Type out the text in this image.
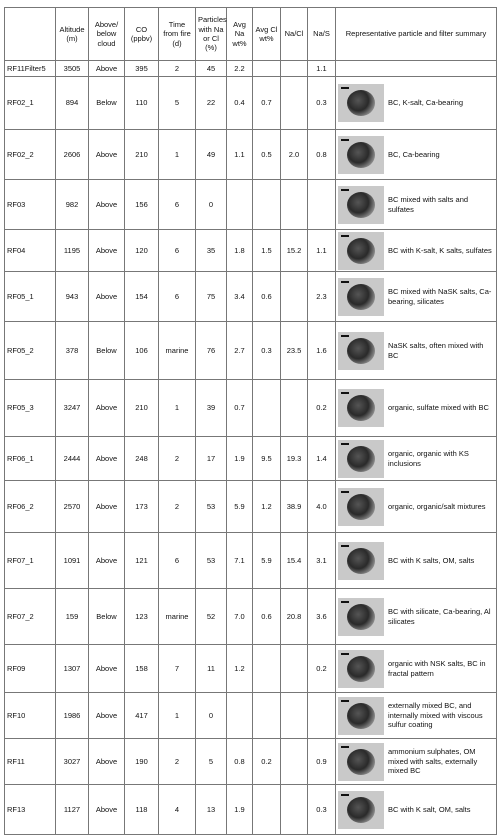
	Altitude (m)	Above/ below cloud	CO (ppbv)	Time from fire (d)	Particles with Na or Cl (%)	Avg Na wt%	Avg Cl wt%	Na/Cl	Na/S	Representative particle and filter summary
RF11Filter5	3505	Above	395	2	45	2.2			1.1	

RF02_1	894	Below	110	5	22	0.4	0.7		0.3	BC, K-salt, Ca-bearing

RF02_2	2606	Above	210	1	49	1.1	0.5	2.0	0.8	BC, Ca-bearing

RF03	982	Above	156	6	0					BC mixed with salts and sulfates

RF04	1195	Above	120	6	35	1.8	1.5	15.2	1.1	BC with K-salt, K salts, sulfates

RF05_1	943	Above	154	6	75	3.4	0.6		2.3	BC mixed with NaSK salts, Ca-bearing, silicates

RF05_2	378	Below	106	marine	76	2.7	0.3	23.5	1.6	NaSK salts, often mixed with BC

RF05_3	3247	Above	210	1	39	0.7			0.2	organic, sulfate mixed with BC

RF06_1	2444	Above	248	2	17	1.9	9.5	19.3	1.4	organic, organic with KS inclusions

RF06_2	2570	Above	173	2	53	5.9	1.2	38.9	4.0	organic, organic/salt mixtures

RF07_1	1091	Above	121	6	53	7.1	5.9	15.4	3.1	BC with K salts, OM, salts

RF07_2	159	Below	123	marine	52	7.0	0.6	20.8	3.6	BC with silicate, Ca-bearing, Al silicates

RF09	1307	Above	158	7	11	1.2			0.2	organic with NSK salts, BC in fractal pattern

RF10	1986	Above	417	1	0					externally mixed BC, and internally mixed with viscous sulfur coating

RF11	3027	Above	190	2	5	0.8	0.2		0.9	ammonium sulphates, OM mixed with salts, externally mixed BC

RF13	1127	Above	118	4	13	1.9			0.3	BC with K salt, OM, salts
